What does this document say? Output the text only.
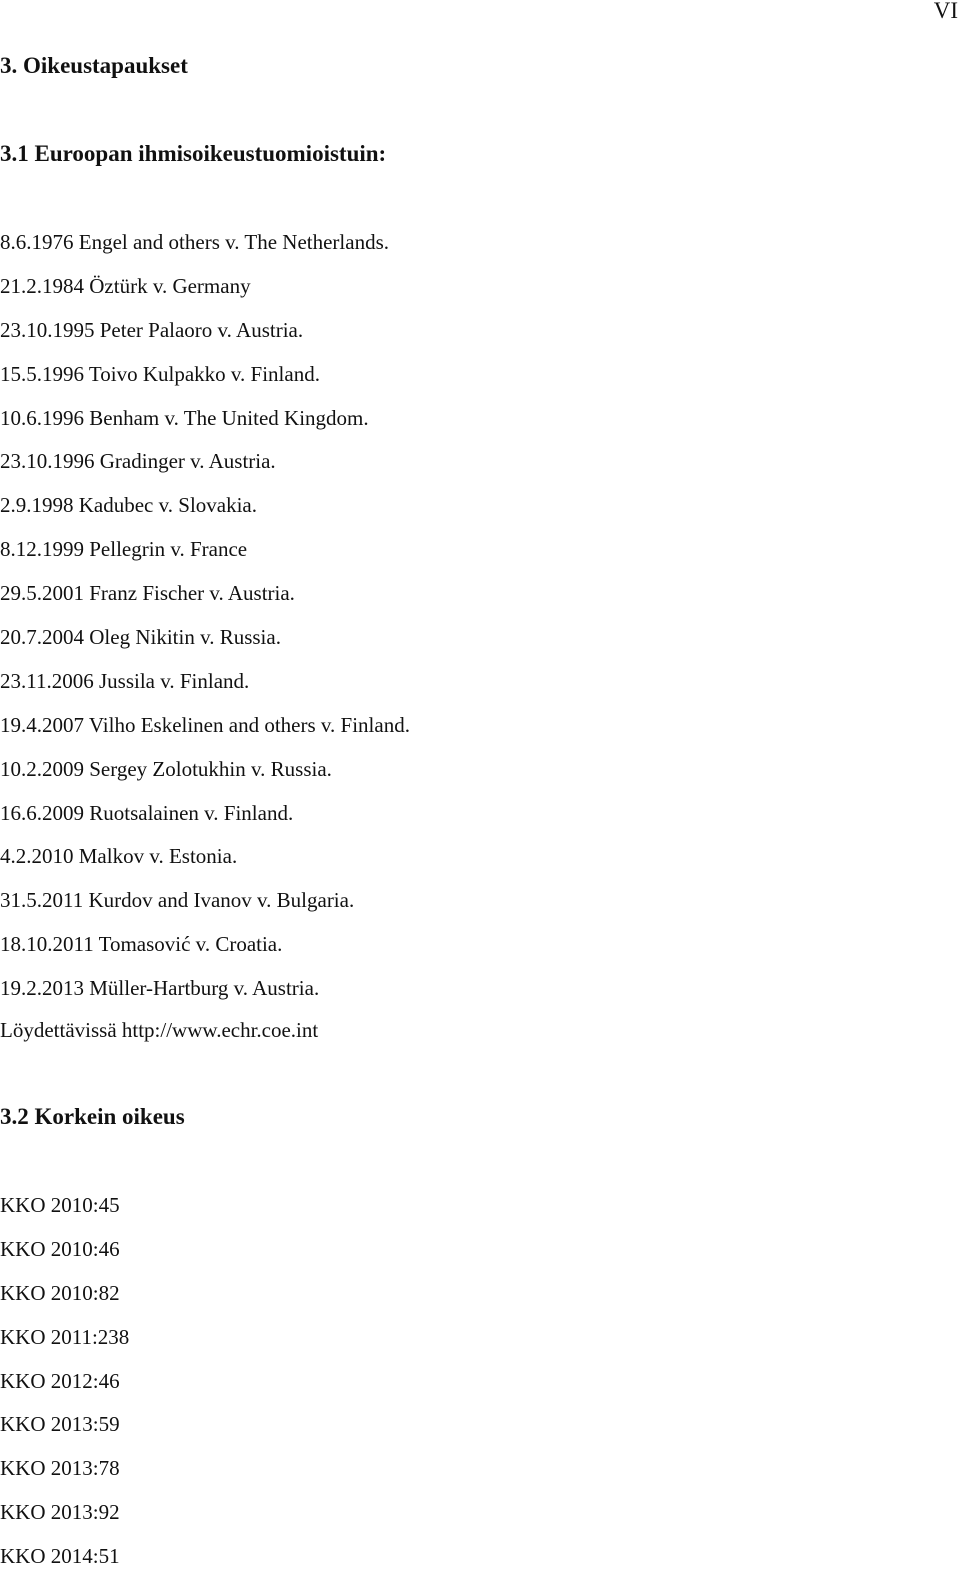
VI
3. Oikeustapaukset
3.1 Euroopan ihmisoikeustuomioistuin:
8.6.1976 Engel and others v. The Netherlands.
21.2.1984 Öztürk v. Germany
23.10.1995 Peter Palaoro v. Austria.
15.5.1996 Toivo Kulpakko v. Finland.
10.6.1996 Benham v. The United Kingdom.
23.10.1996 Gradinger v. Austria.
2.9.1998 Kadubec v. Slovakia.
8.12.1999 Pellegrin v. France
29.5.2001 Franz Fischer v. Austria.
20.7.2004 Oleg Nikitin v. Russia.
23.11.2006 Jussila v. Finland.
19.4.2007 Vilho Eskelinen and others v. Finland.
10.2.2009 Sergey Zolotukhin v. Russia.
16.6.2009 Ruotsalainen v. Finland.
4.2.2010 Malkov v. Estonia.
31.5.2011 Kurdov and Ivanov v. Bulgaria.
18.10.2011 Tomasović v. Croatia.
19.2.2013 Müller-Hartburg v. Austria.
Löydettävissä http://www.echr.coe.int
3.2 Korkein oikeus
KKO 2010:45
KKO 2010:46
KKO 2010:82
KKO 2011:238
KKO 2012:46
KKO 2013:59
KKO 2013:78
KKO 2013:92
KKO 2014:51
